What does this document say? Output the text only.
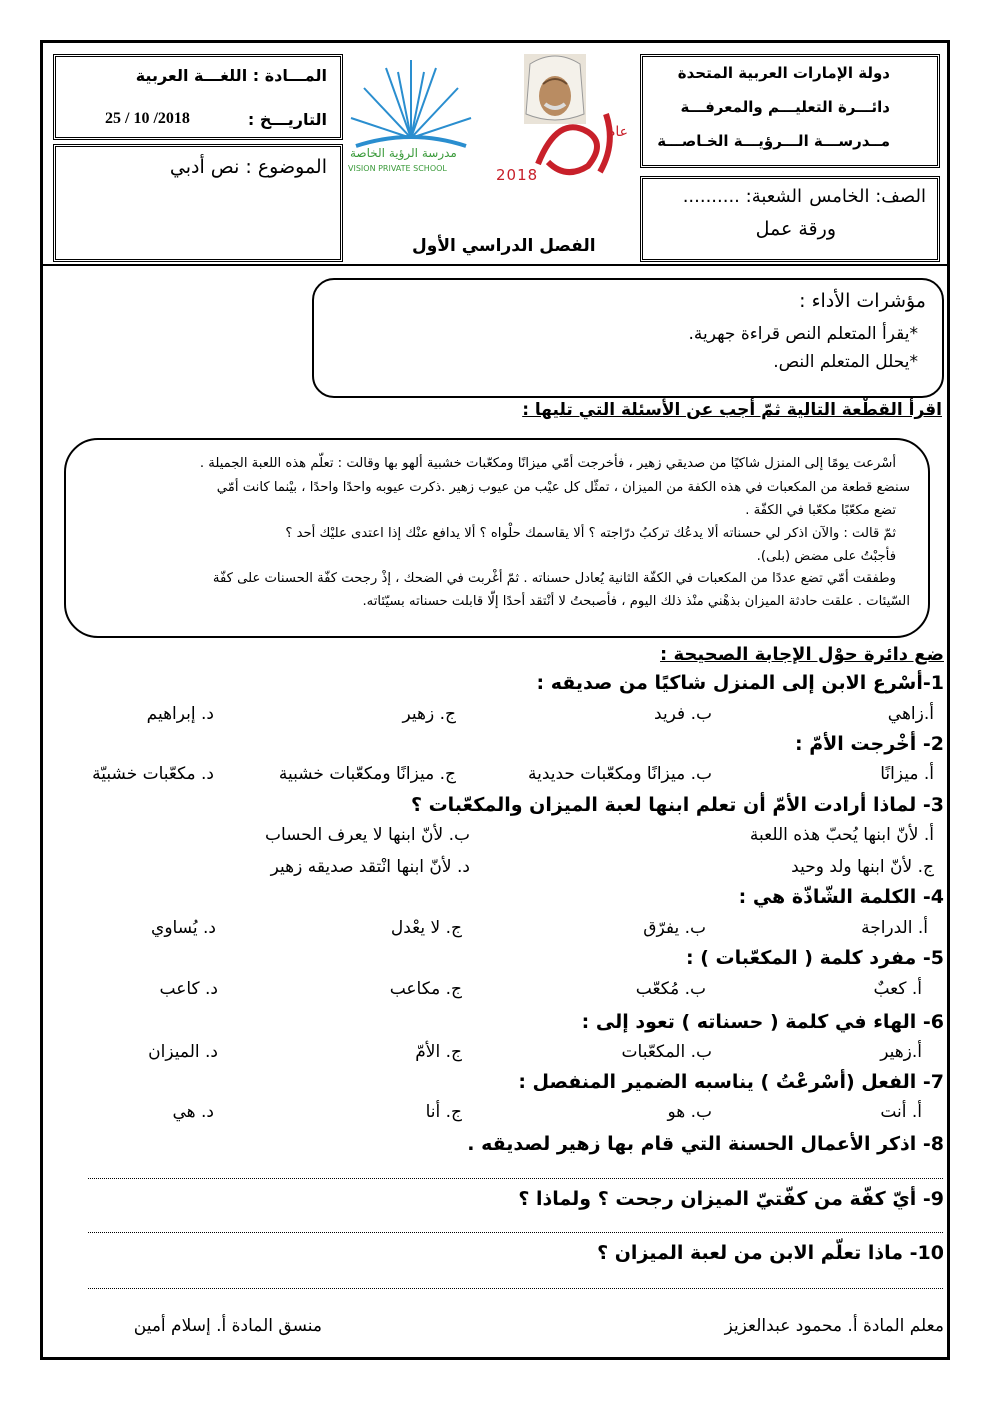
دولة الإمارات العربية المتحدة
دائـــرة التعليـــم والمعرفـــة
مــدرســـة الـــرؤيـــة الخـاصـــة
الصف: الخامس
الشعبة: ..........
ورقة عمل
المـــادة : اللغـــة العربية
التاريـــخ :
25 / 10 /2018
الموضوع : نص أدبي
عام
2018
مدرسة الرؤية الخاصة
VISION PRIVATE SCHOOL
الفصل الدراسي الأول
مؤشرات الأداء :
*يقرأ المتعلم النص قراءة جهرية.
*يحلل المتعلم النص.
اقرأ القطْعة التالية ثمّ أجب عن الأسئلة التي تليها :
أسْرعت يومًا إلى المنزل شاكيًا من صديقي زهير ، فأخرجت أمّي ميزانًا ومكعّبات خشبية ألهو بها وقالت : تعلّم هذه اللعبة الجميلة .
سنضع قطعة من المكعبات في هذه الكفة من الميزان ، تمثّل كل عيْب من عيوب زهير .ذكرت عيوبه واحدًا واحدًا ، بيْنما كانت أمّي
تضع مكعّبًا مكعّبا في الكفّة .
ثمّ قالت : والآن اذكر لي حسناته ألا يدعُك تركبُ درّاجته ؟ ألا يقاسمك حلْواه ؟ ألا يدافع عنْك إذا اعتدى عليْك أحد ؟
فأجبْتُ على مضض (بلى).
وطفقت أمّي تضع عددًا من المكعبات في الكفّة الثانية يُعادل حسناته . ثمّ أغْربت في الضحك ، إذْ رجحت كفّة الحسنات على كفّة
السّيئات . علقت حادثة الميزان بذهْني منْذ ذلك اليوم ، فأصبحتُ لا أنْتقد أحدًا إلّا قابلت حسناته بسيّئاته.
ضع دائرة حوْل الإجابة الصحيحة :
1-أسْرع الابن إلى المنزل شاكيًا من صديقه :
أ.زاهي
ب. فريد
ج. زهير
د. إبراهيم
2- أخْرجت الأمّ :
أ. ميزانًا
ب. ميزانًا ومكعّبات حديدية
ج. ميزانًا ومكعّبات خشبية
د. مكعّبات خشبيّة
3- لماذا أرادت الأمّ أن تعلم ابنها لعبة الميزان والمكعّبات ؟
أ. لأنّ ابنها يُحبّ هذه اللعبة
ب. لأنّ ابنها لا يعرف الحساب
ج. لأنّ ابنها ولد وحيد
د. لأنّ ابنها انْتقد صديقه زهير
4- الكلمة الشّاذّة هي :
أ. الدراجة
ب. يفرّق
ج. لا يعْدل
د. يُساوي
5- مفرد كلمة ( المكعّبات ) :
أ. كعبٌ
ب. مُكعّب
ج. مكاعب
د. كاعب
6- الهاء في كلمة ( حسناته ) تعود إلى :
أ.زهير
ب. المكعّبات
ج. الأمّ
د. الميزان
7- الفعل (أسْرعْتُ ) يناسبه الضمير المنفصل :
أ. أنت
ب. هو
ج. أنا
د. هي
8- اذكر الأعمال الحسنة التي قام بها زهير لصديقه .
9- أيّ كفّة من كفّتيّ الميزان رجحت ؟ ولماذا ؟
10- ماذا تعلّم الابن من لعبة الميزان ؟
معلم المادة أ. محمود عبدالعزيز
منسق المادة أ. إسلام أمين
